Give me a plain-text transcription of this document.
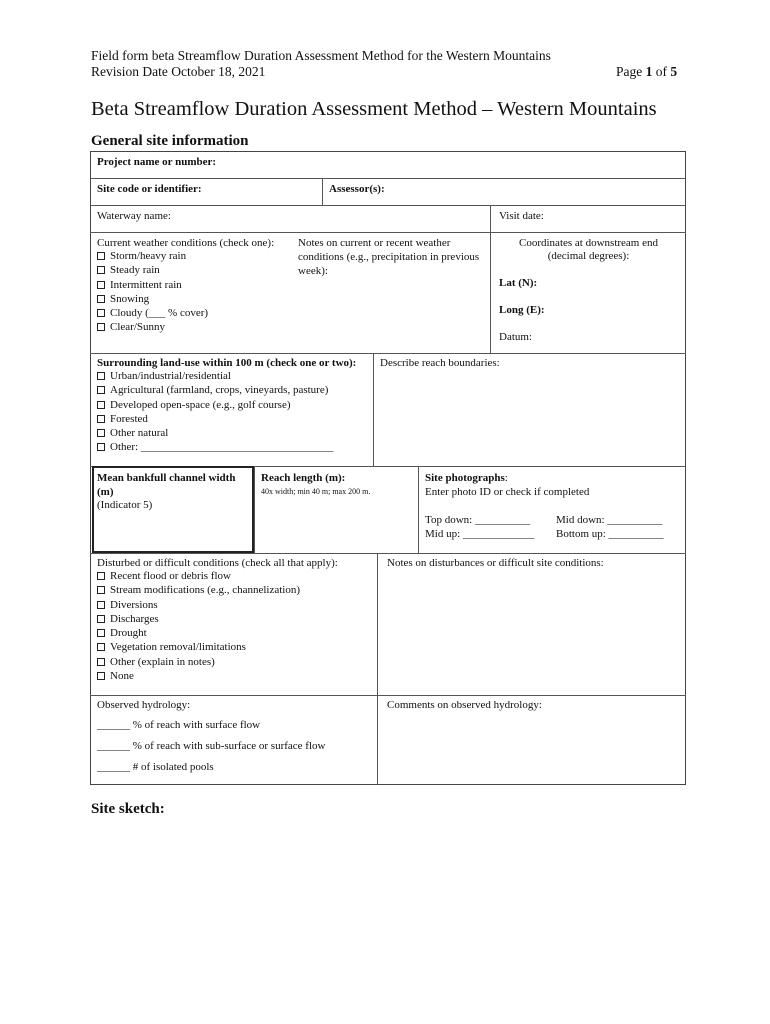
Field form beta Streamflow Duration Assessment Method for the Western Mountains
Revision Date October 18, 2021	Page 1 of 5
Beta Streamflow Duration Assessment Method – Western Mountains
General site information
Project name or number:
Site code or identifier:	Assessor(s):
Waterway name:	Visit date:
Current weather conditions (check one):
Storm/heavy rain
Steady rain
Intermittent rain
Snowing
Cloudy (___ % cover)
Clear/Sunny
Notes on current or recent weather
conditions (e.g., precipitation in previous
week):
Coordinates at downstream end
(decimal degrees):
Lat (N):
Long (E):
Datum:
Surrounding land-use within 100 m (check one or two):
Urban/industrial/residential
Agricultural (farmland, crops, vineyards, pasture)
Developed open-space (e.g., golf course)
Forested
Other natural
Other: ___________________________________
Describe reach boundaries:
Mean bankfull channel width
(m)
(Indicator 5)
Reach length (m):
40x width; min 40 m; max 200 m.
Site photographs:
Enter photo ID or check if completed
Top down: __________ Mid down: __________
Mid up: _____________ Bottom up: __________
Disturbed or difficult conditions (check all that apply):
Recent flood or debris flow
Stream modifications (e.g., channelization)
Diversions
Discharges
Drought
Vegetation removal/limitations
Other (explain in notes)
None
Notes on disturbances or difficult site conditions:
Observed hydrology:
______ % of reach with surface flow
______ % of reach with sub-surface or surface flow
______ # of isolated pools
Comments on observed hydrology:
Site sketch:
